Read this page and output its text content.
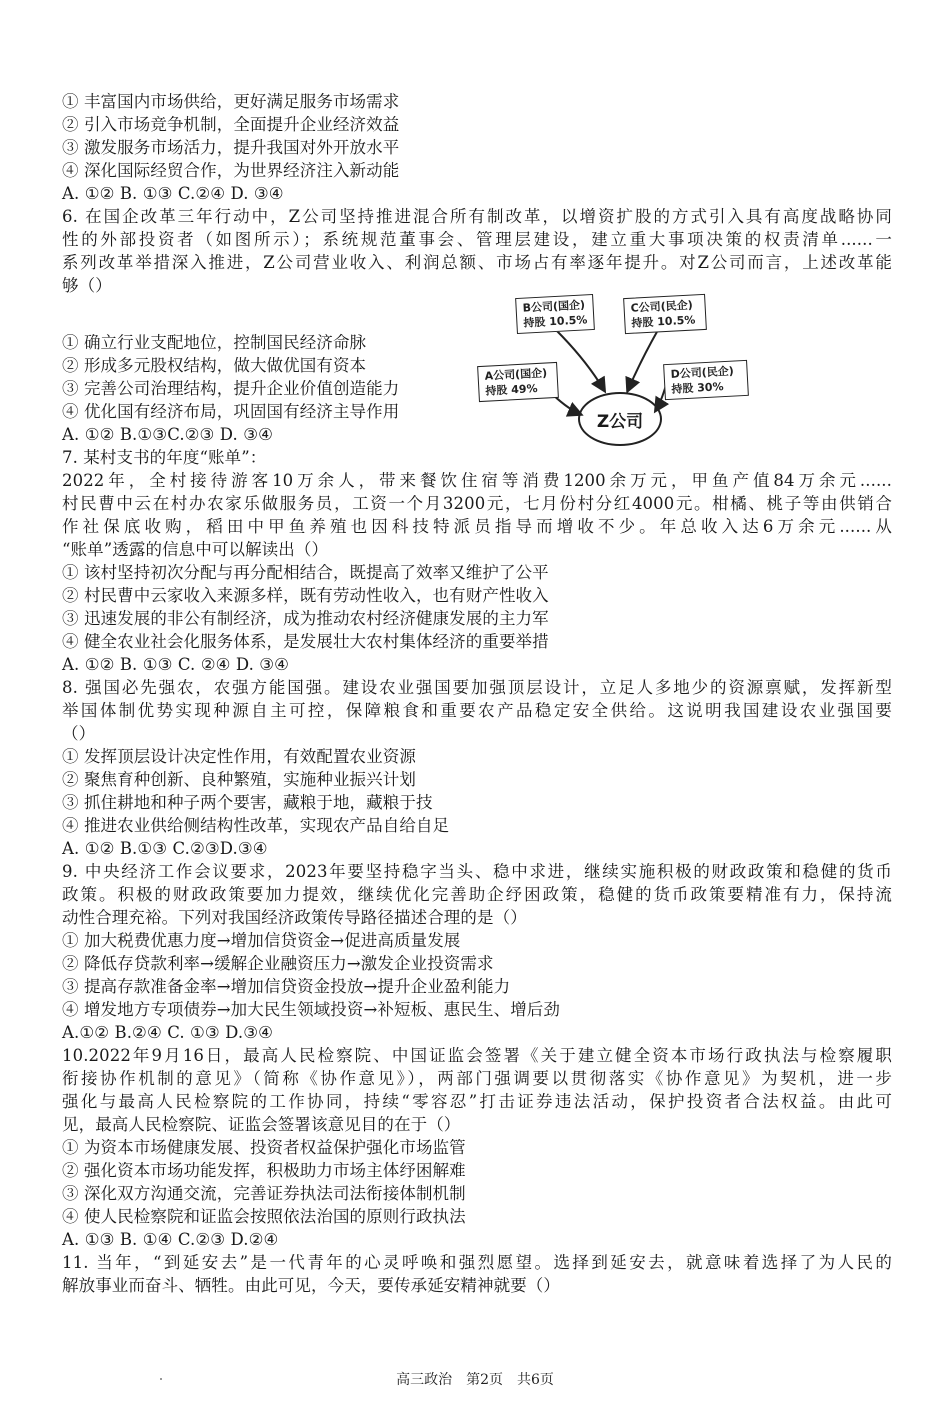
① 丰富国内市场供给，更好满足服务市场需求
② 引入市场竞争机制，全面提升企业经济效益
③ 激发服务市场活力，提升我国对外开放水平
④ 深化国际经贸合作，为世界经济注入新动能
A. ①② B. ①③ C.②④ D. ③④
6. 在国企改革三年行动中，Z公司坚持推进混合所有制改革，以增资扩股的方式引入具有高度战略协同
性的外部投资者（如图所示）；系统规范董事会、管理层建设，建立重大事项决策的权责清单......一
系列改革举措深入推进，Z公司营业收入、利润总额、市场占有率逐年提升。对Z公司而言，上述改革能
够（）
① 确立行业支配地位，控制国民经济命脉
② 形成多元股权结构，做大做优国有资本
③ 完善公司治理结构，提升企业价值创造能力
④ 优化国有经济布局，巩固国有经济主导作用
A. ①② B.①③C.②③ D. ③④
7. 某村支书的年度“账单”：
2022年，全村接待游客10万余人，带来餐饮住宿等消费1200余万元，甲鱼产值84万余元......
村民曹中云在村办农家乐做服务员，工资一个月3200元，七月份村分红4000元。柑橘、桃子等由供销合
作社保底收购，稻田中甲鱼养殖也因科技特派员指导而增收不少。年总收入达6万余元......从
“账单”透露的信息中可以解读出（）
① 该村坚持初次分配与再分配相结合，既提高了效率又维护了公平
② 村民曹中云家收入来源多样，既有劳动性收入，也有财产性收入
③ 迅速发展的非公有制经济，成为推动农村经济健康发展的主力军
④ 健全农业社会化服务体系，是发展壮大农村集体经济的重要举措
A. ①② B. ①③ C. ②④ D. ③④
8. 强国必先强农，农强方能国强。建设农业强国要加强顶层设计，立足人多地少的资源禀赋，发挥新型
举国体制优势实现种源自主可控，保障粮食和重要农产品稳定安全供给。这说明我国建设农业强国要
（）
① 发挥顶层设计决定性作用，有效配置农业资源
② 聚焦育种创新、良种繁殖，实施种业振兴计划
③ 抓住耕地和种子两个要害，藏粮于地，藏粮于技
④ 推进农业供给侧结构性改革，实现农产品自给自足
A. ①② B.①③ C.②③D.③④
9. 中央经济工作会议要求，2023年要坚持稳字当头、稳中求进，继续实施积极的财政政策和稳健的货币
政策。积极的财政政策要加力提效，继续优化完善助企纾困政策，稳健的货币政策要精准有力，保持流
动性合理充裕。下列对我国经济政策传导路径描述合理的是（）
① 加大税费优惠力度→增加信贷资金→促进高质量发展
② 降低存贷款利率→缓解企业融资压力→激发企业投资需求
③ 提高存款准备金率→增加信贷资金投放→提升企业盈利能力
④ 增发地方专项债券→加大民生领域投资→补短板、惠民生、增后劲
A.①② B.②④ C. ①③ D.③④
10.2022年9月16日，最高人民检察院、中国证监会签署《关于建立健全资本市场行政执法与检察履职
衔接协作机制的意见》（简称《协作意见》），两部门强调要以贯彻落实《协作意见》为契机，进一步
强化与最高人民检察院的工作协同，持续“零容忍”打击证券违法活动，保护投资者合法权益。由此可
见，最高人民检察院、证监会签署该意见目的在于（）
① 为资本市场健康发展、投资者权益保护强化市场监管
② 强化资本市场功能发挥，积极助力市场主体纾困解难
③ 深化双方沟通交流，完善证券执法司法衔接体制机制
④ 使人民检察院和证监会按照依法治国的原则行政执法
A. ①③ B. ①④ C.②③ D.②④
11. 当年，“到延安去”是一代青年的心灵呼唤和强烈愿望。选择到延安去，就意味着选择了为人民的
解放事业而奋斗、牺牲。由此可见，今天，要传承延安精神就要（）
B公司(国企)
持股 10.5%
C公司(民企)
持股 10.5%
A公司(国企)
持股 49%
D公司(民企)
持股 30%
Z公司
高三政治　第2页　共6页
